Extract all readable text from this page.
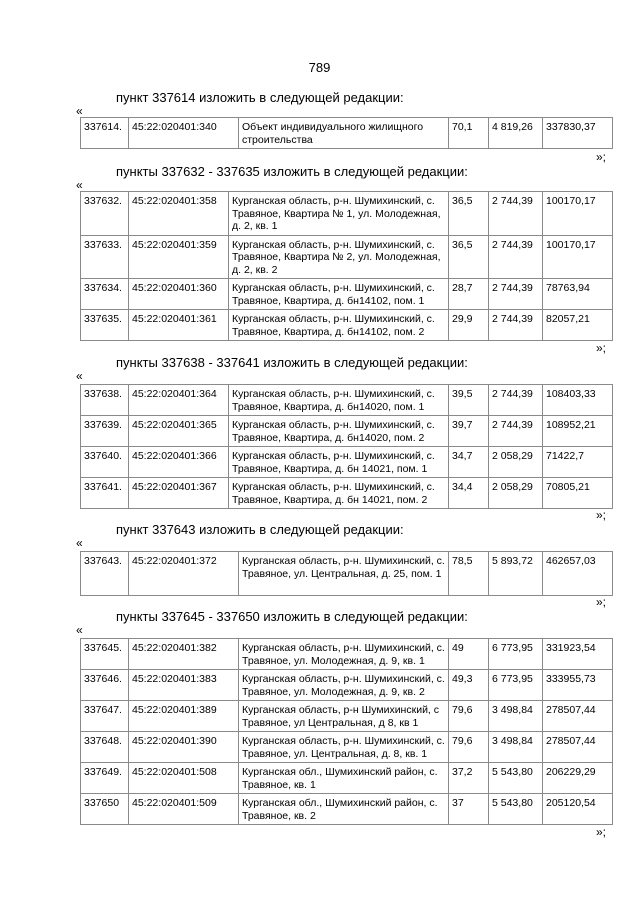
789
пункт 337614 изложить в следующей редакции:
«
337614.	45:22:020401:340	Объект индивидуального жилищного строительства	70,1	4 819,26	337830,37
»;
пункты 337632 - 337635 изложить в следующей редакции:
«
337632.	45:22:020401:358	Курганская область, р-н. Шумихинский, с. Травяное, Квартира № 1, ул. Молодежная, д. 2, кв. 1	36,5	2 744,39	100170,17
337633.	45:22:020401:359	Курганская область, р-н. Шумихинский, с. Травяное, Квартира № 2, ул. Молодежная, д. 2, кв. 2	36,5	2 744,39	100170,17
337634.	45:22:020401:360	Курганская область, р-н. Шумихинский, с. Травяное, Квартира, д. бн14102, пом. 1	28,7	2 744,39	78763,94
337635.	45:22:020401:361	Курганская область, р-н. Шумихинский, с. Травяное, Квартира, д. бн14102, пом. 2	29,9	2 744,39	82057,21
»;
пункты 337638 - 337641 изложить в следующей редакции:
«
337638.	45:22:020401:364	Курганская область, р-н. Шумихинский, с. Травяное, Квартира, д. бн14020, пом. 1	39,5	2 744,39	108403,33
337639.	45:22:020401:365	Курганская область, р-н. Шумихинский, с. Травяное, Квартира, д. бн14020, пом. 2	39,7	2 744,39	108952,21
337640.	45:22:020401:366	Курганская область, р-н. Шумихинский, с. Травяное, Квартира, д. бн 14021, пом. 1	34,7	2 058,29	71422,7
337641.	45:22:020401:367	Курганская область, р-н. Шумихинский, с. Травяное, Квартира, д. бн 14021, пом. 2	34,4	2 058,29	70805,21
»;
пункт 337643 изложить в следующей редакции:
«
337643.	45:22:020401:372	Курганская область, р-н. Шумихинский, с. Травяное, ул. Центральная, д. 25, пом. 1	78,5	5 893,72	462657,03
»;
пункты 337645 - 337650 изложить в следующей редакции:
«
337645.	45:22:020401:382	Курганская область, р-н. Шумихинский, с. Травяное, ул. Молодежная, д. 9, кв. 1	49	6 773,95	331923,54
337646.	45:22:020401:383	Курганская область, р-н. Шумихинский, с. Травяное, ул. Молодежная, д. 9, кв. 2	49,3	6 773,95	333955,73
337647.	45:22:020401:389	Курганская область, р-н Шумихинский, с Травяное, ул Центральная, д 8, кв 1	79,6	3 498,84	278507,44
337648.	45:22:020401:390	Курганская область, р-н. Шумихинский, с. Травяное, ул. Центральная, д. 8, кв. 1	79,6	3 498,84	278507,44
337649.	45:22:020401:508	Курганская обл., Шумихинский район, с. Травяное, кв. 1	37,2	5 543,80	206229,29
337650	45:22:020401:509	Курганская обл., Шумихинский район, с. Травяное, кв. 2	37	5 543,80	205120,54
»;
